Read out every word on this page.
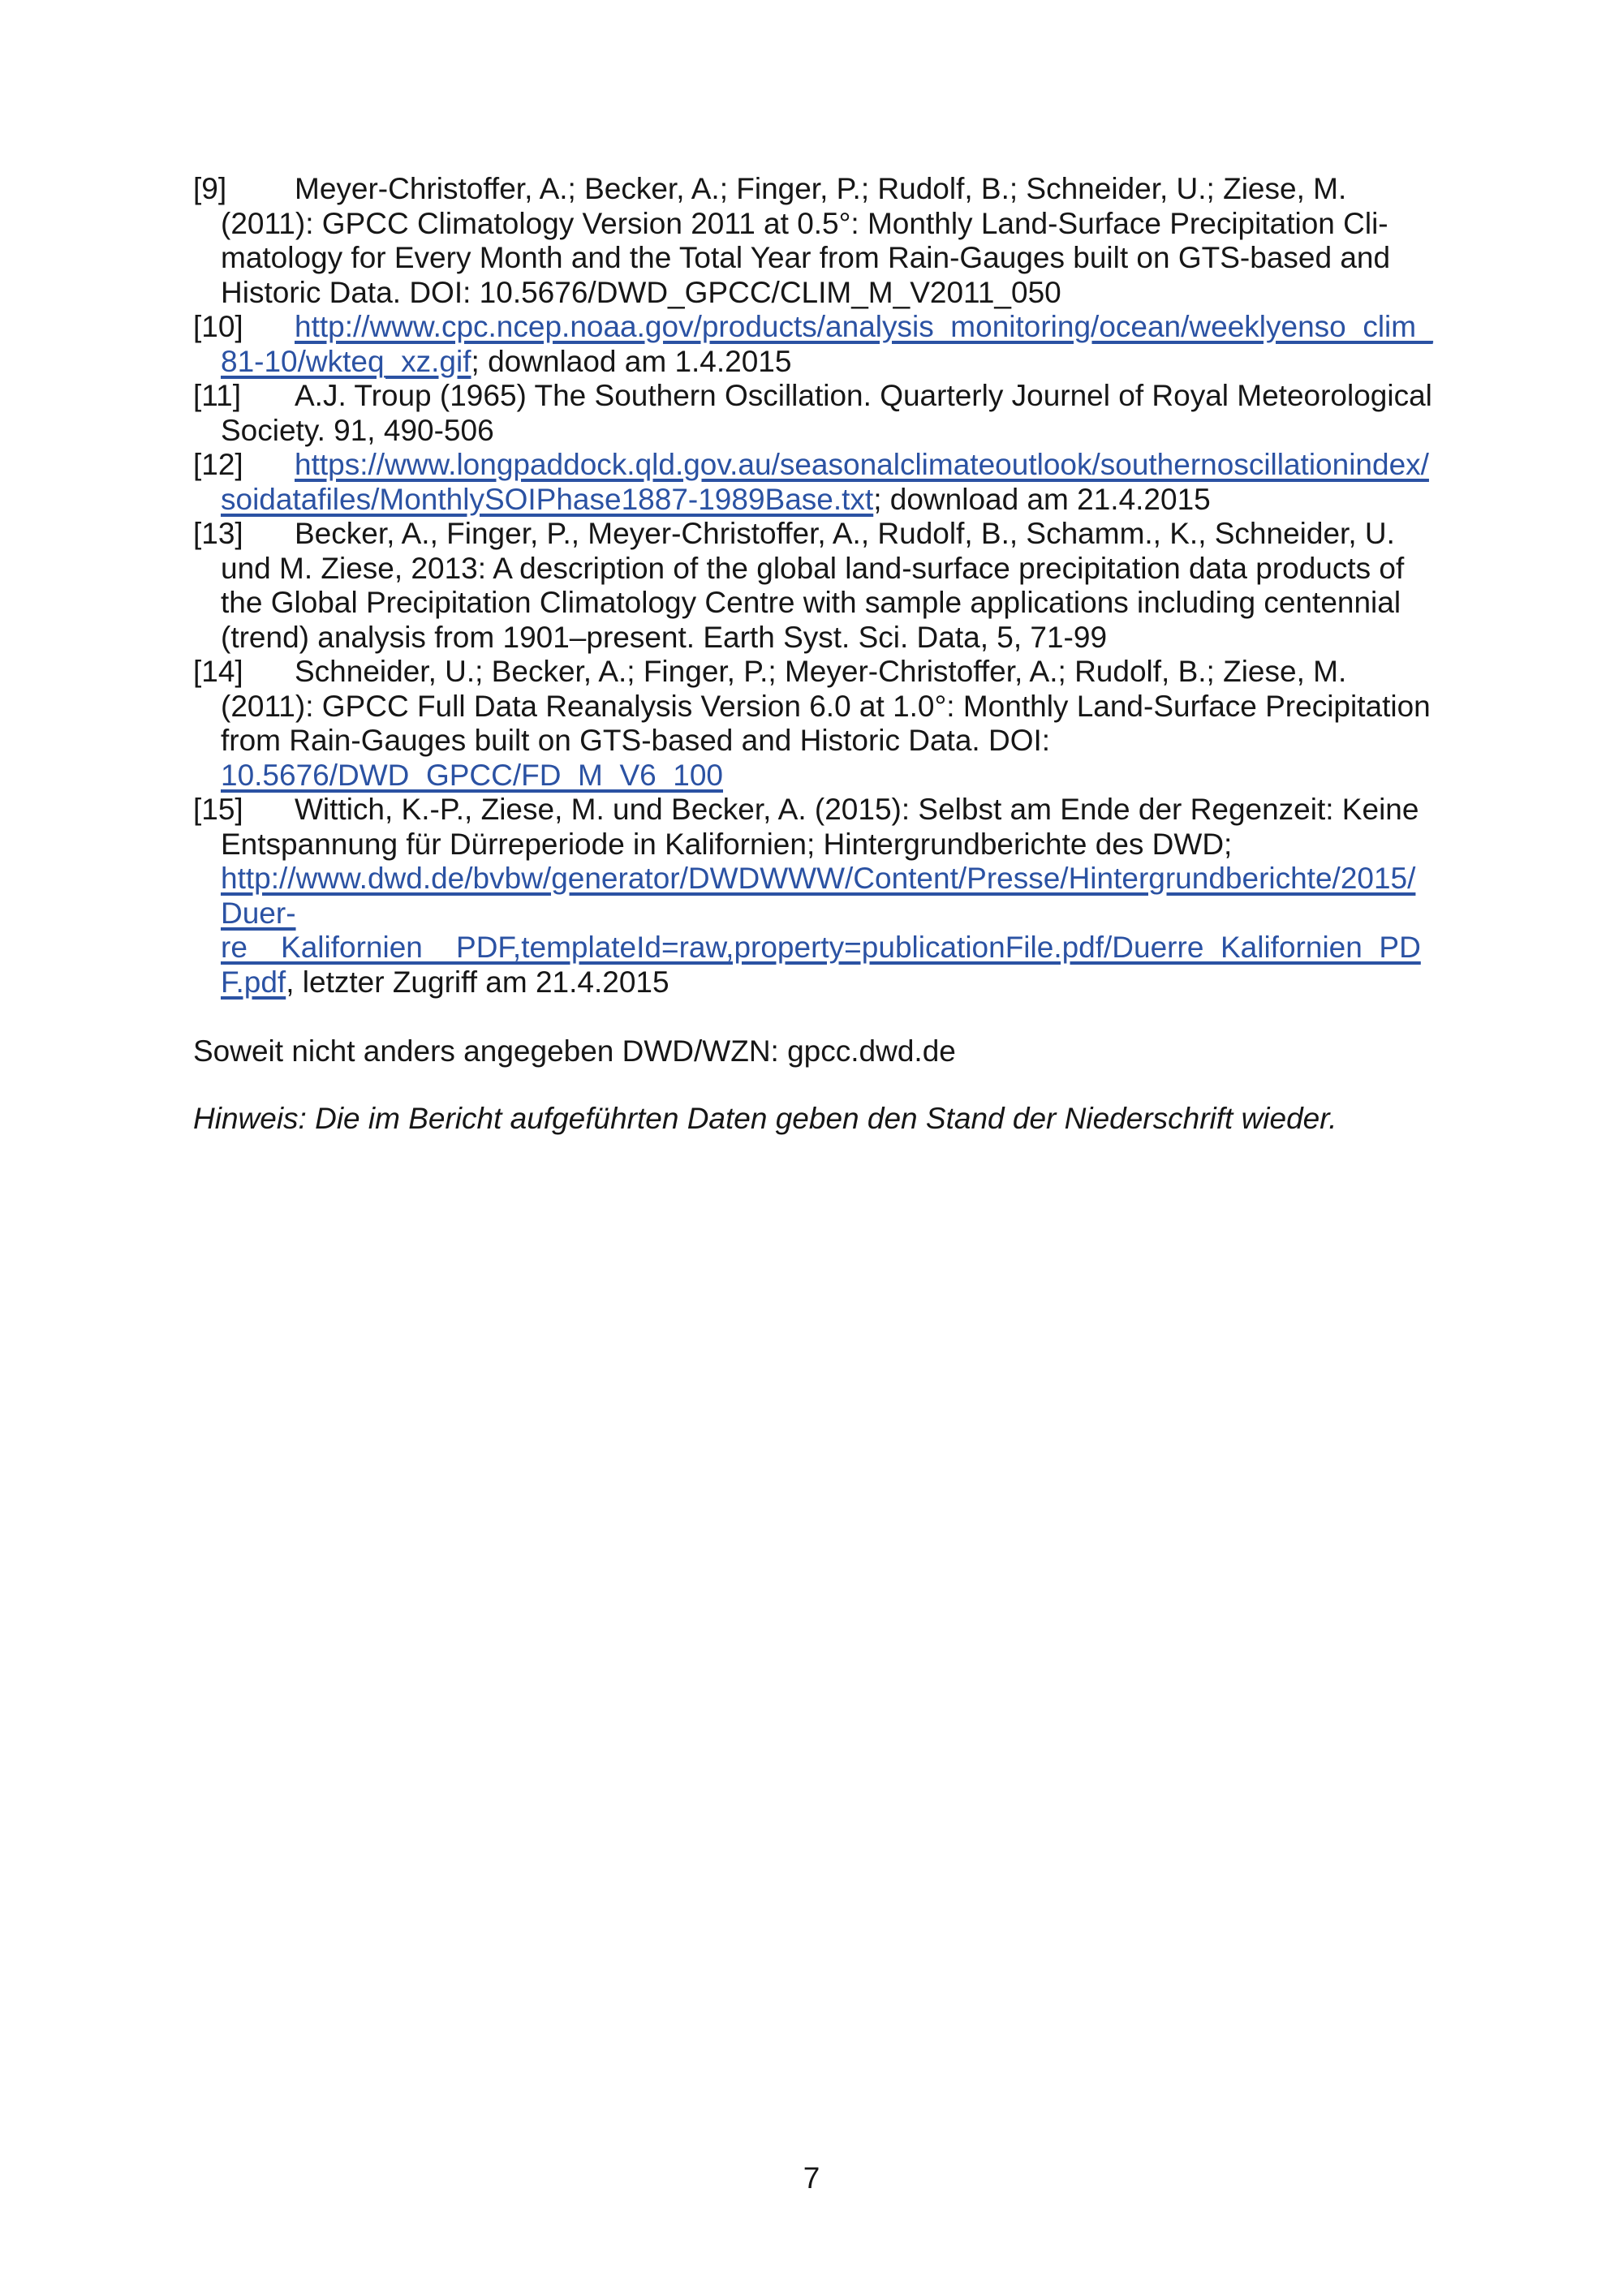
[9] Meyer-Christoffer, A.; Becker, A.; Finger, P.; Rudolf, B.; Schneider, U.; Ziese, M.
(2011): GPCC Climatology Version 2011 at 0.5°: Monthly Land-Surface Precipitation Cli-
matology for Every Month and the Total Year from Rain-Gauges built on GTS-based and
Historic Data. DOI: 10.5676/DWD_GPCC/CLIM_M_V2011_050
[10] http://www.cpc.ncep.noaa.gov/products/analysis_monitoring/ocean/weeklyenso_clim_
81-10/wkteq_xz.gif; downlaod am 1.4.2015
[11] A.J. Troup (1965) The Southern Oscillation. Quarterly Journel of Royal Meteorological
Society. 91, 490-506
[12] https://www.longpaddock.qld.gov.au/seasonalclimateoutlook/southernoscillationindex/
soidatafiles/MonthlySOIPhase1887-1989Base.txt; download am 21.4.2015
[13] Becker, A., Finger, P., Meyer-Christoffer, A., Rudolf, B., Schamm., K., Schneider, U.
und M. Ziese, 2013: A description of the global land-surface precipitation data products of
the Global Precipitation Climatology Centre with sample applications including centennial
(trend) analysis from 1901–present. Earth Syst. Sci. Data, 5, 71-99
[14] Schneider, U.; Becker, A.; Finger, P.; Meyer-Christoffer, A.; Rudolf, B.; Ziese, M.
(2011): GPCC Full Data Reanalysis Version 6.0 at 1.0°: Monthly Land-Surface Precipitation
from Rain-Gauges built on GTS-based and Historic Data. DOI:
10.5676/DWD_GPCC/FD_M_V6_100
[15] Wittich, K.-P., Ziese, M. und Becker, A. (2015): Selbst am Ende der Regenzeit: Keine
Entspannung für Dürreperiode in Kalifornien; Hintergrundberichte des DWD;
http://www.dwd.de/bvbw/generator/DWDWWW/Content/Presse/Hintergrundberichte/2015/
Duer-
re__Kalifornien__PDF,templateId=raw,property=publicationFile.pdf/Duerre_Kalifornien_PD
F.pdf, letzter Zugriff am 21.4.2015
Soweit nicht anders angegeben DWD/WZN: gpcc.dwd.de
Hinweis: Die im Bericht aufgeführten Daten geben den Stand der Niederschrift wieder.
7
